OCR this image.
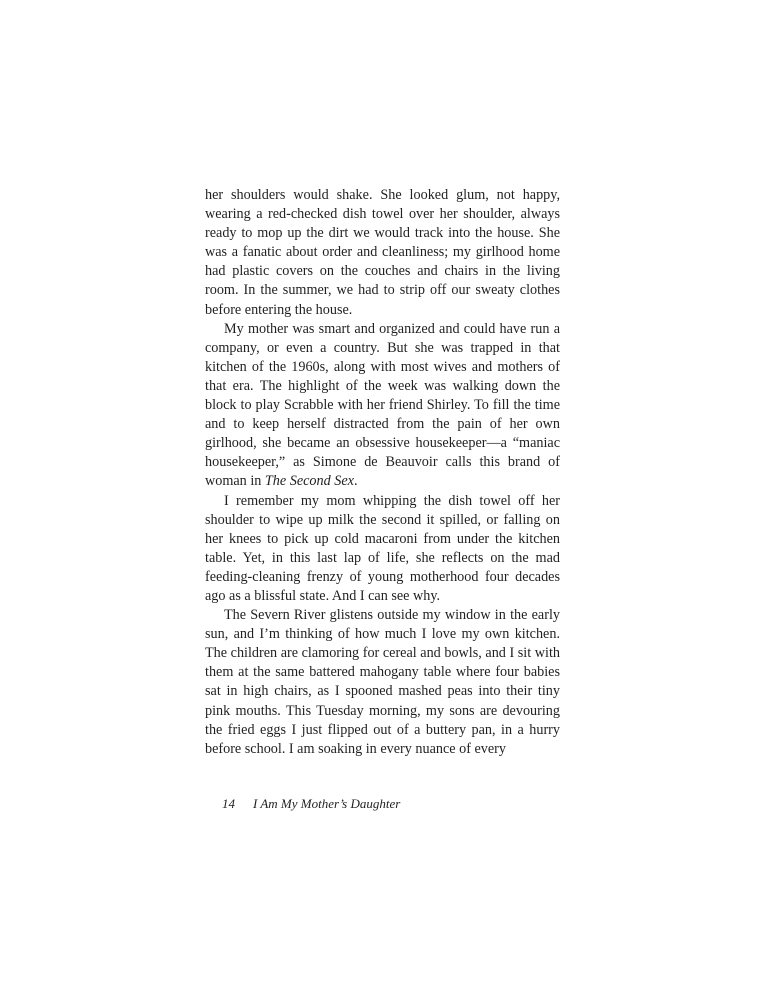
her shoulders would shake. She looked glum, not happy, wearing a red-checked dish towel over her shoulder, always ready to mop up the dirt we would track into the house. She was a fanatic about order and cleanliness; my girlhood home had plastic covers on the couches and chairs in the living room. In the summer, we had to strip off our sweaty clothes before entering the house.

My mother was smart and organized and could have run a company, or even a country. But she was trapped in that kitchen of the 1960s, along with most wives and mothers of that era. The highlight of the week was walking down the block to play Scrabble with her friend Shirley. To fill the time and to keep herself distracted from the pain of her own girlhood, she became an obsessive housekeeper—a “maniac housekeeper,” as Simone de Beauvoir calls this brand of woman in The Second Sex.

I remember my mom whipping the dish towel off her shoulder to wipe up milk the second it spilled, or falling on her knees to pick up cold macaroni from under the kitchen table. Yet, in this last lap of life, she reflects on the mad feeding-cleaning frenzy of young motherhood four decades ago as a blissful state. And I can see why.

The Severn River glistens outside my window in the early sun, and I’m thinking of how much I love my own kitchen. The children are clamoring for cereal and bowls, and I sit with them at the same battered mahogany table where four babies sat in high chairs, as I spooned mashed peas into their tiny pink mouths. This Tuesday morning, my sons are devouring the fried eggs I just flipped out of a buttery pan, in a hurry before school. I am soaking in every nuance of every

14 I Am My Mother’s Daughter
